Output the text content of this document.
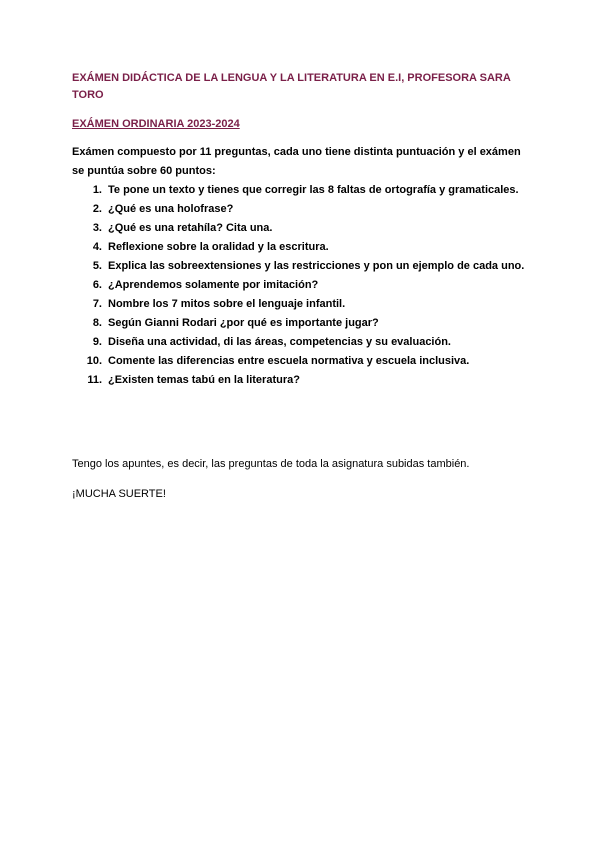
EXÁMEN DIDÁCTICA DE LA LENGUA Y LA LITERATURA EN E.I, PROFESORA SARA TORO

EXÁMEN ORDINARIA 2023-2024

Exámen compuesto por 11 preguntas, cada uno tiene distinta puntuación y el exámen se puntúa sobre 60 puntos:

1. Te pone un texto y tienes que corregir las 8 faltas de ortografía y gramaticales.
2. ¿Qué es una holofrase?
3. ¿Qué es una retahíla? Cita una.
4. Reflexione sobre la oralidad y la escritura.
5. Explica las sobreextensiones y las restricciones y pon un ejemplo de cada uno.
6. ¿Aprendemos solamente por imitación?
7. Nombre los 7 mitos sobre el lenguaje infantil.
8. Según Gianni Rodari ¿por qué es importante jugar?
9. Diseña una actividad, di las áreas, competencias y su evaluación.
10. Comente las diferencias entre escuela normativa y escuela inclusiva.
11. ¿Existen temas tabú en la literatura?

Tengo los apuntes, es decir, las preguntas de toda la asignatura subidas también.

¡MUCHA SUERTE!
